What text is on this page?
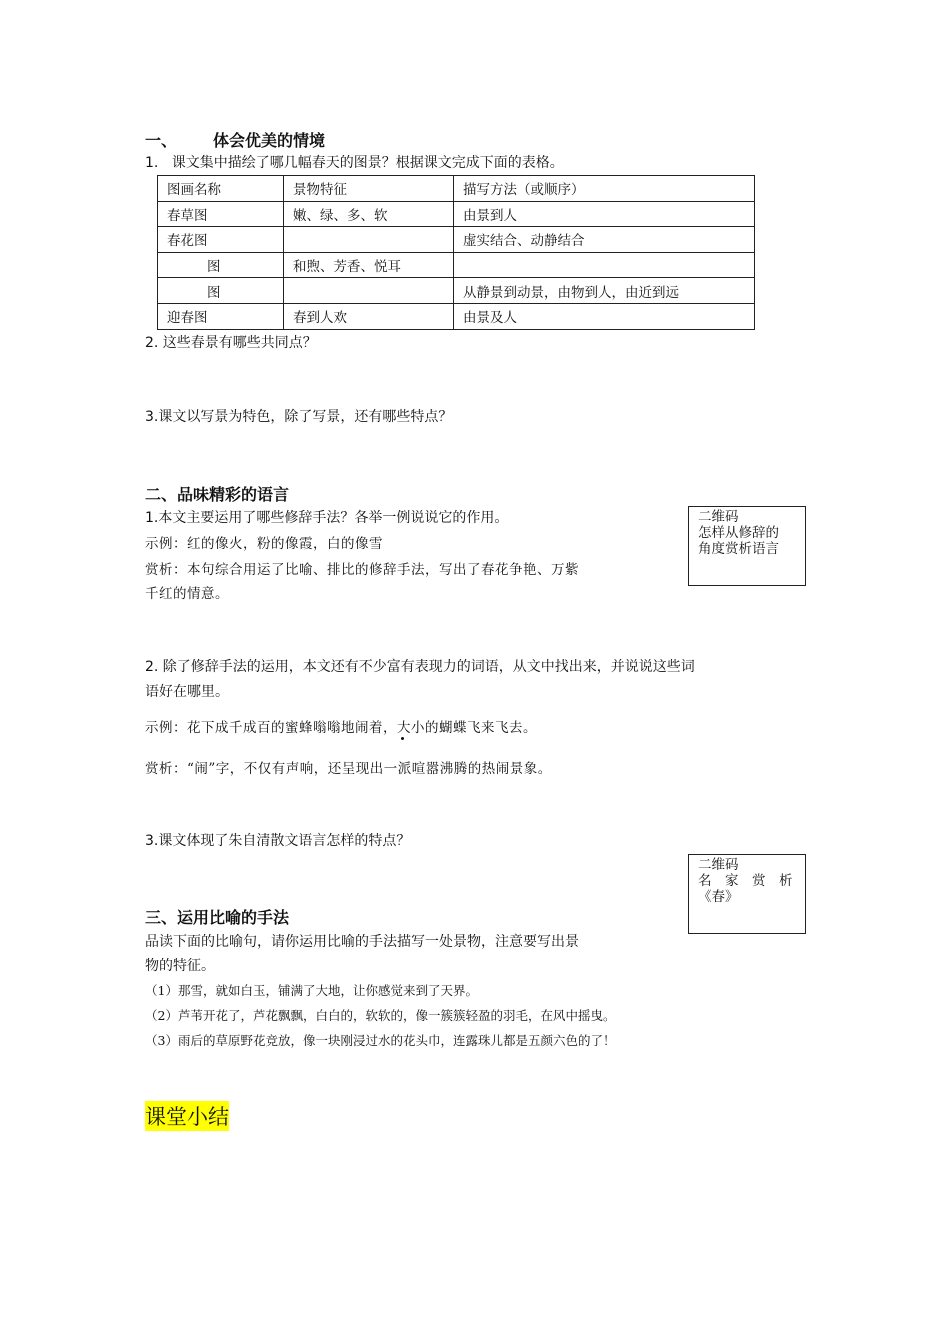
一、 体会优美的情境
1.   课文集中描绘了哪几幅春天的图景？根据课文完成下面的表格。
图画名称	景物特征	描写方法（或顺序）
春草图	嫩、绿、多、软	由景到人
春花图		虚实结合、动静结合
图	和煦、芳香、悦耳	
图		从静景到动景，由物到人，由近到远
迎春图	春到人欢	由景及人
2. 这些春景有哪些共同点？
3.课文以写景为特色，除了写景，还有哪些特点？
二、品味精彩的语言
1.本文主要运用了哪些修辞手法？各举一例说说它的作用。
示例：红的像火，粉的像霞，白的像雪
赏析：本句综合用运了比喻、排比的修辞手法，写出了春花争艳、万紫
千红的情意。
二维码
怎样从修辞的
角度赏析语言
2. 除了修辞手法的运用，本文还有不少富有表现力的词语，从文中找出来，并说说这些词
语好在哪里。
示例：花下成千成百的蜜蜂嗡嗡地闹着，大小的蝴蝶飞来飞去。
赏析：“闹”字，不仅有声响，还呈现出一派喧嚣沸腾的热闹景象。
3.课文体现了朱自清散文语言怎样的特点？
二维码
名　家　赏　析
《春》
三、运用比喻的手法
品读下面的比喻句，请你运用比喻的手法描写一处景物，注意要写出景
物的特征。
（1）那雪，就如白玉，铺满了大地，让你感觉来到了天界。
（2）芦苇开花了，芦花飘飘，白白的，软软的，像一簇簇轻盈的羽毛，在风中摇曳。
（3）雨后的草原野花竞放，像一块刚浸过水的花头巾，连露珠儿都是五颜六色的了！
课堂小结
